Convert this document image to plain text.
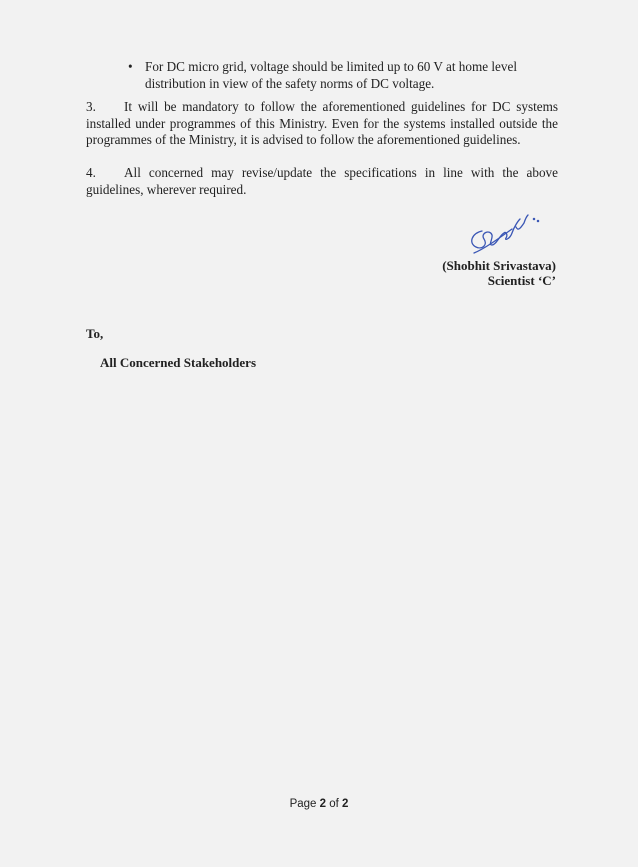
• For DC micro grid, voltage should be limited up to 60 V at home level distribution in view of the safety norms of DC voltage.
3. It will be mandatory to follow the aforementioned guidelines for DC systems installed under programmes of this Ministry. Even for the systems installed outside the programmes of the Ministry, it is advised to follow the aforementioned guidelines.
4. All concerned may revise/update the specifications in line with the above guidelines, wherever required.
(Shobhit Srivastava)
Scientist ‘C’
To,
All Concerned Stakeholders
Page 2 of 2
